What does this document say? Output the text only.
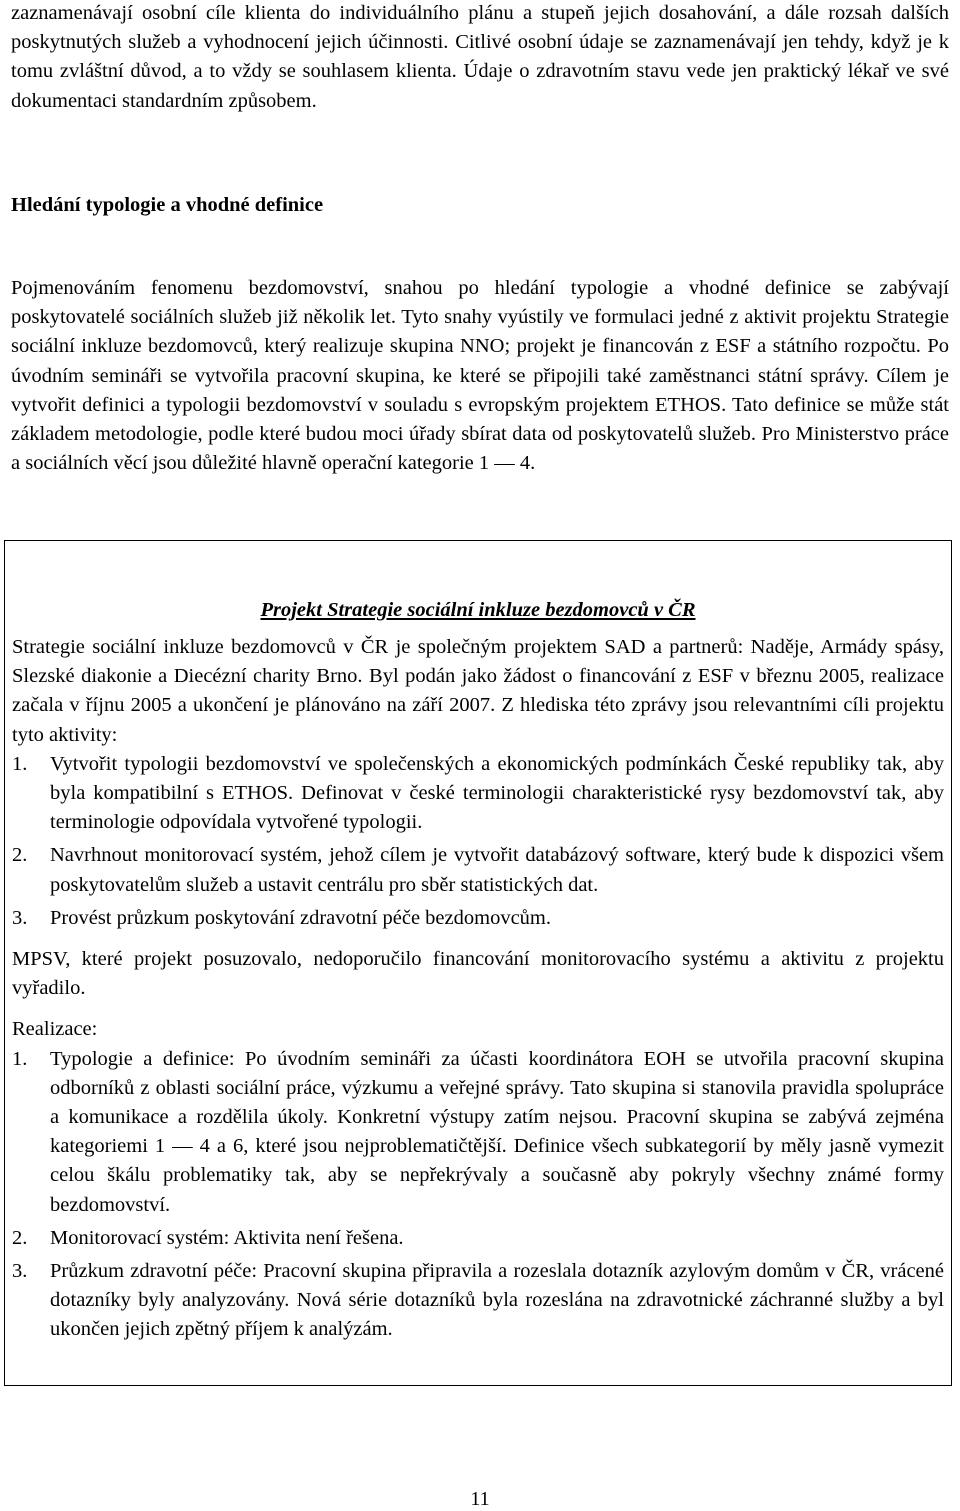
zaznamenávají osobní cíle klienta do individuálního plánu a stupeň jejich dosahování, a dále rozsah dalších poskytnutých služeb a vyhodnocení jejich účinnosti. Citlivé osobní údaje se zaznamenávají jen tehdy, když je k tomu zvláštní důvod, a to vždy se souhlasem klienta. Údaje o zdravotním stavu vede jen praktický lékař ve své dokumentaci standardním způsobem.

Hledání typologie a vhodné definice

Pojmenováním fenomenu bezdomovství, snahou po hledání typologie a vhodné definice se zabývají poskytovatelé sociálních služeb již několik let. Tyto snahy vyústily ve formulaci jedné z aktivit projektu Strategie sociální inkluze bezdomovců, který realizuje skupina NNO; projekt je financován z ESF a státního rozpočtu. Po úvodním semináři se vytvořila pracovní skupina, ke které se připojili také zaměstnanci státní správy. Cílem je vytvořit definici a typologii bezdomovství v souladu s evropským projektem ETHOS. Tato definice se může stát základem metodologie, podle které budou moci úřady sbírat data od poskytovatelů služeb. Pro Ministerstvo práce a sociálních věcí jsou důležité hlavně operační kategorie 1 — 4.

Projekt Strategie sociální inkluze bezdomovců v ČR

Strategie sociální inkluze bezdomovců v ČR je společným projektem SAD a partnerů: Naděje, Armády spásy, Slezské diakonie a Diecézní charity Brno. Byl podán jako žádost o financování z ESF v březnu 2005, realizace začala v říjnu 2005 a ukončení je plánováno na září 2007. Z hlediska této zprávy jsou relevantními cíli projektu tyto aktivity:

1. Vytvořit typologii bezdomovství ve společenských a ekonomických podmínkách České republiky tak, aby byla kompatibilní s ETHOS. Definovat v české terminologii charakteristické rysy bezdomovství tak, aby terminologie odpovídala vytvořené typologii.
2. Navrhnout monitorovací systém, jehož cílem je vytvořit databázový software, který bude k dispozici všem poskytovatelům služeb a ustavit centrálu pro sběr statistických dat.
3. Provést průzkum poskytování zdravotní péče bezdomovcům.

MPSV, které projekt posuzovalo, nedoporučilo financování monitorovacího systému a aktivitu z projektu vyřadilo.

Realizace:

1. Typologie a definice: Po úvodním semináři za účasti koordinátora EOH se utvořila pracovní skupina odborníků z oblasti sociální práce, výzkumu a veřejné správy. Tato skupina si stanovila pravidla spolupráce a komunikace a rozdělila úkoly. Konkretní výstupy zatím nejsou. Pracovní skupina se zabývá zejména kategoriemi 1 — 4 a 6, které jsou nejproblematičtější. Definice všech subkategorií by měly jasně vymezit celou škálu problematiky tak, aby se nepřekrývaly a současně aby pokryly všechny známé formy bezdomovství.
2. Monitorovací systém: Aktivita není řešena.
3. Průzkum zdravotní péče: Pracovní skupina připravila a rozeslala dotazník azylovým domům v ČR, vrácené dotazníky byly analyzovány. Nová série dotazníků byla rozeslána na zdravotnické záchranné služby a byl ukončen jejich zpětný příjem k analýzám.
11
